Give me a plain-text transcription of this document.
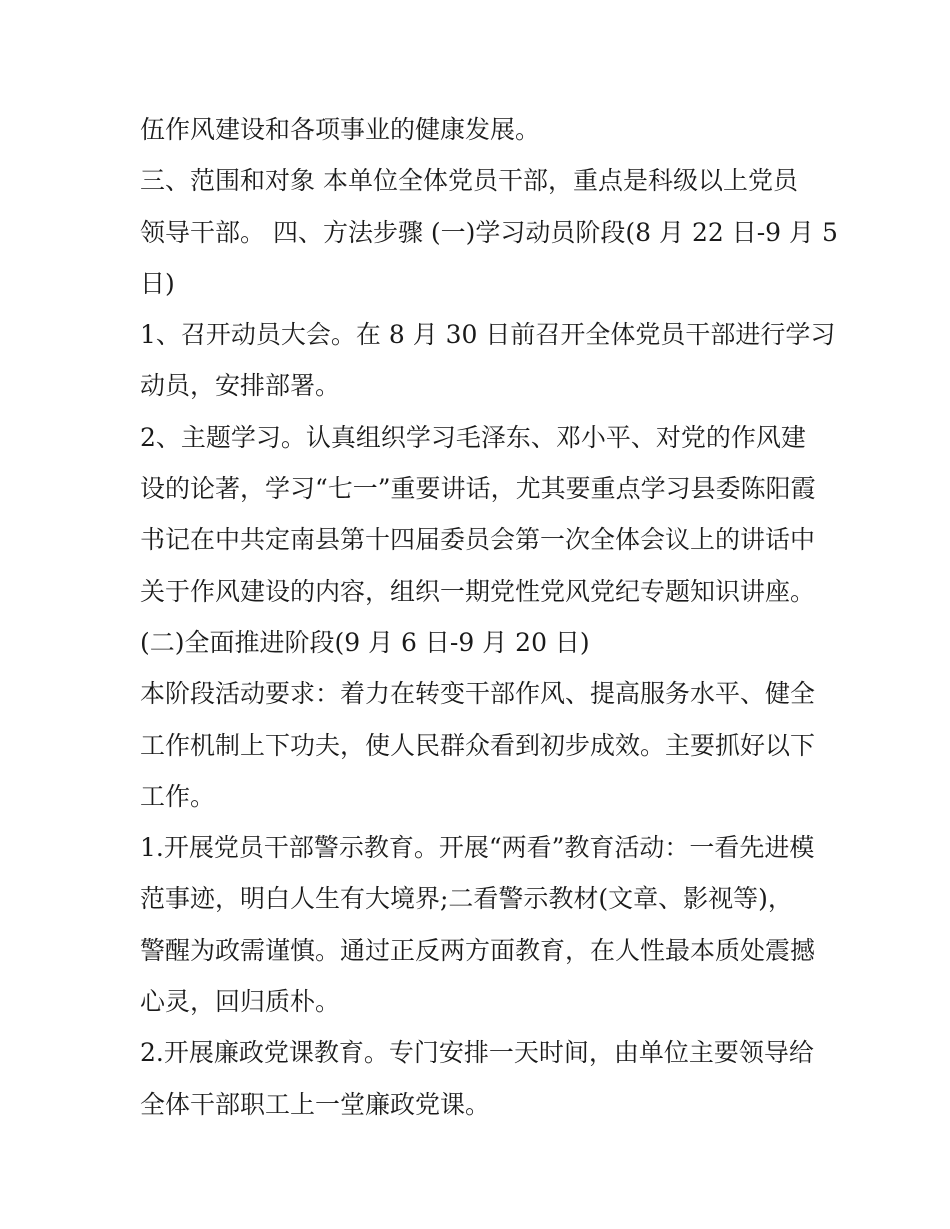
伍作风建设和各项事业的健康发展。
三、范围和对象 本单位全体党员干部，重点是科级以上党员
领导干部。 四、方法步骤 (一)学习动员阶段(8 月 22 日-9 月 5
日)
1、召开动员大会。在 8 月 30 日前召开全体党员干部进行学习
动员，安排部署。
2、主题学习。认真组织学习毛泽东、邓小平、对党的作风建
设的论著，学习“七一”重要讲话，尤其要重点学习县委陈阳霞
书记在中共定南县第十四届委员会第一次全体会议上的讲话中
关于作风建设的内容，组织一期党性党风党纪专题知识讲座。
(二)全面推进阶段(9 月 6 日-9 月 20 日)
本阶段活动要求：着力在转变干部作风、提高服务水平、健全
工作机制上下功夫，使人民群众看到初步成效。主要抓好以下
工作。
1.开展党员干部警示教育。开展“两看”教育活动：一看先进模
范事迹，明白人生有大境界;二看警示教材(文章、影视等)，
警醒为政需谨慎。通过正反两方面教育，在人性最本质处震撼
心灵，回归质朴。
2.开展廉政党课教育。专门安排一天时间，由单位主要领导给
全体干部职工上一堂廉政党课。
